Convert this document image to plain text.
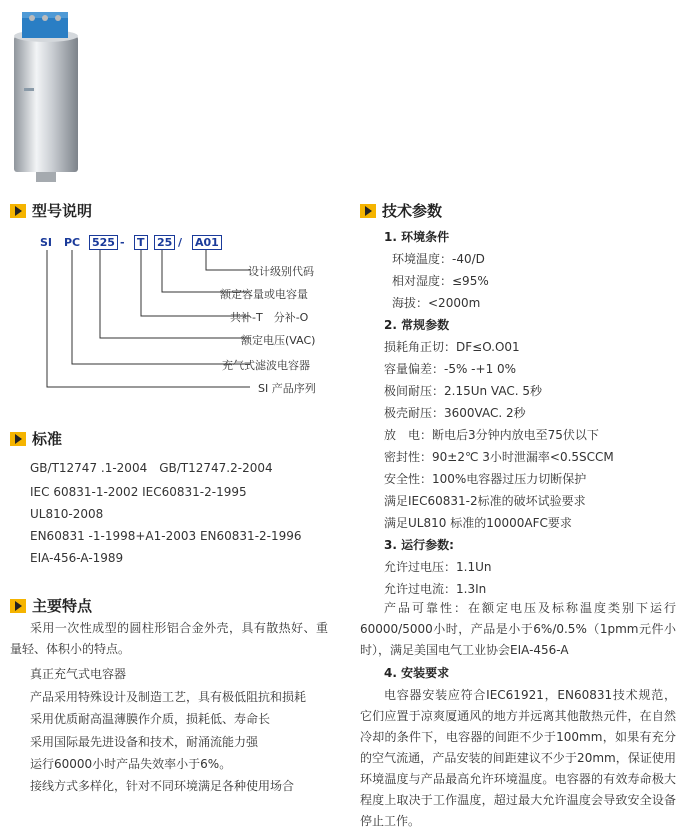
型号说明
SI PC 525 - T 25 / A01
设计级别代码
额定容量或电容量
共补-T　分补-O
额定电压(VAC)
充气式滤波电容器
SI 产品序列
标准
GB/T12747 .1-2004　GB/T12747.2-2004
IEC 60831-1-2002 IEC60831-2-1995
UL810-2008
EN60831 -1-1998+A1-2003 EN60831-2-1996
EIA-456-A-1989
主要特点
采用一次性成型的圆柱形铝合金外壳，具有散热好、重量轻、体积小的特点。
真正充气式电容器
产品采用特殊设计及制造工艺，具有极低阻抗和损耗
采用优质耐高温薄膜作介质，损耗低、寿命长
采用国际最先进设备和技术，耐涌流能力强
运行60000小时产品失效率小于6%。
接线方式多样化，针对不同环境满足各种使用场合
技术参数
1. 环境条件
环境温度：-40/D
相对湿度：≤95%
海拔：<2000m
2. 常规参数
损耗角正切：DF≤O.O01
容量偏差：-5% -+1 0%
极间耐压：2.15Un VAC. 5秒
极壳耐压：3600VAC. 2秒
放　电：断电后3分钟内放电至75伏以下
密封性：90±2℃ 3小时泄漏率<0.5SCCM
安全性：100%电容器过压力切断保护
满足IEC60831-2标准的破坏试验要求
满足UL810 标准的10000AFC要求
3. 运行参数:
允许过电压：1.1Un
允许过电流：1.3In
产品可靠性：在额定电压及标称温度类别下运行60000/5000小时，产品是小于6%/0.5%（1pmm元件小时），满足美国电气工业协会EIA-456-A
4. 安装要求
电容器安装应符合IEC61921，EN60831技术规范，它们应置于凉爽厦通风的地方并远离其他散热元件，在自然冷却的条件下，电容器的间距不少于100mm，如果有充分的空气流通，产品安装的间距建议不少于20mm，保证使用环境温度与产品最高允许环境温度。电容器的有效寿命极大程度上取决于工作温度，超过最大允许温度会导致安全设备停止工作。
